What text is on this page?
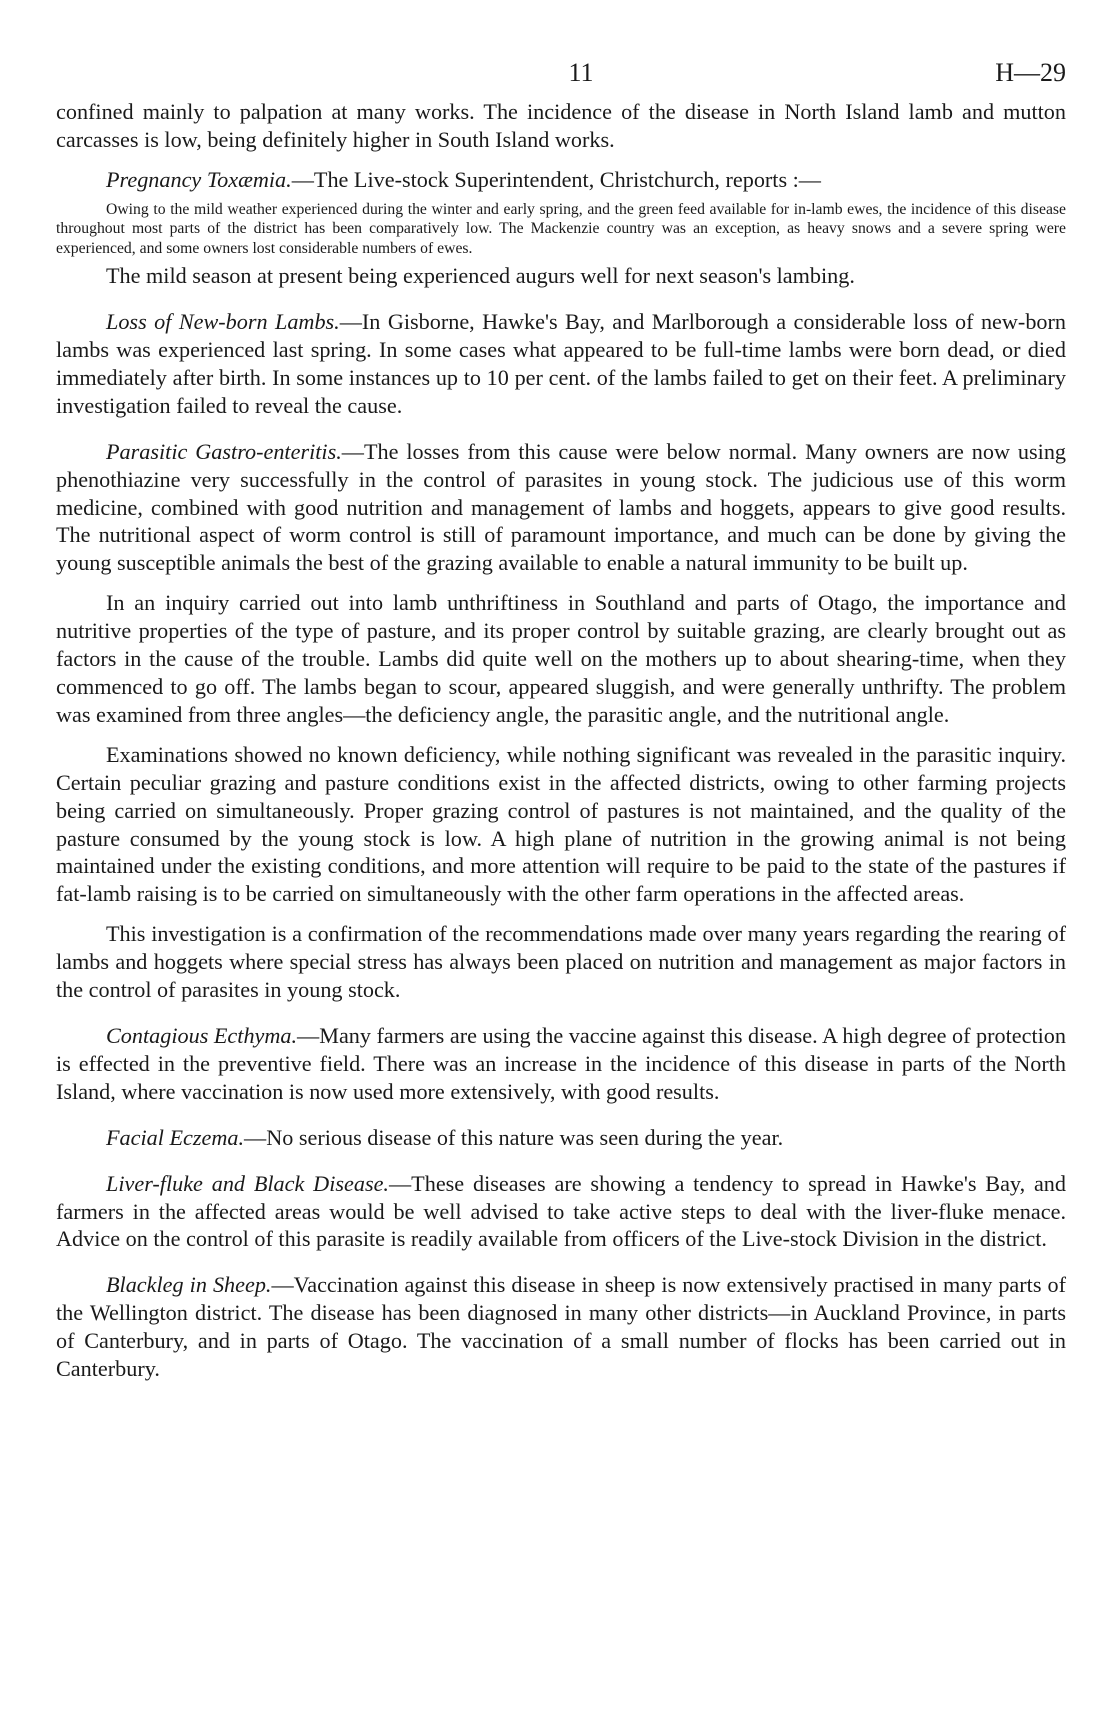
11	H—29

confined mainly to palpation at many works. The incidence of the disease in North Island lamb and mutton carcasses is low, being definitely higher in South Island works.

Pregnancy Toxæmia.—The Live-stock Superintendent, Christchurch, reports :—

Owing to the mild weather experienced during the winter and early spring, and the green feed available for in-lamb ewes, the incidence of this disease throughout most parts of the district has been comparatively low. The Mackenzie country was an exception, as heavy snows and a severe spring were experienced, and some owners lost considerable numbers of ewes.

The mild season at present being experienced augurs well for next season's lambing.

Loss of New-born Lambs.—In Gisborne, Hawke's Bay, and Marlborough a considerable loss of new-born lambs was experienced last spring. In some cases what appeared to be full-time lambs were born dead, or died immediately after birth. In some instances up to 10 per cent. of the lambs failed to get on their feet. A preliminary investigation failed to reveal the cause.

Parasitic Gastro-enteritis.—The losses from this cause were below normal. Many owners are now using phenothiazine very successfully in the control of parasites in young stock. The judicious use of this worm medicine, combined with good nutrition and management of lambs and hoggets, appears to give good results. The nutritional aspect of worm control is still of paramount importance, and much can be done by giving the young susceptible animals the best of the grazing available to enable a natural immunity to be built up.

In an inquiry carried out into lamb unthriftiness in Southland and parts of Otago, the importance and nutritive properties of the type of pasture, and its proper control by suitable grazing, are clearly brought out as factors in the cause of the trouble. Lambs did quite well on the mothers up to about shearing-time, when they commenced to go off. The lambs began to scour, appeared sluggish, and were generally unthrifty. The problem was examined from three angles—the deficiency angle, the parasitic angle, and the nutritional angle.

Examinations showed no known deficiency, while nothing significant was revealed in the parasitic inquiry. Certain peculiar grazing and pasture conditions exist in the affected districts, owing to other farming projects being carried on simultaneously. Proper grazing control of pastures is not maintained, and the quality of the pasture consumed by the young stock is low. A high plane of nutrition in the growing animal is not being maintained under the existing conditions, and more attention will require to be paid to the state of the pastures if fat-lamb raising is to be carried on simultaneously with the other farm operations in the affected areas.

This investigation is a confirmation of the recommendations made over many years regarding the rearing of lambs and hoggets where special stress has always been placed on nutrition and management as major factors in the control of parasites in young stock.

Contagious Ecthyma.—Many farmers are using the vaccine against this disease. A high degree of protection is effected in the preventive field. There was an increase in the incidence of this disease in parts of the North Island, where vaccination is now used more extensively, with good results.

Facial Eczema.—No serious disease of this nature was seen during the year.

Liver-fluke and Black Disease.—These diseases are showing a tendency to spread in Hawke's Bay, and farmers in the affected areas would be well advised to take active steps to deal with the liver-fluke menace. Advice on the control of this parasite is readily available from officers of the Live-stock Division in the district.

Blackleg in Sheep.—Vaccination against this disease in sheep is now extensively practised in many parts of the Wellington district. The disease has been diagnosed in many other districts—in Auckland Province, in parts of Canterbury, and in parts of Otago. The vaccination of a small number of flocks has been carried out in Canterbury.
